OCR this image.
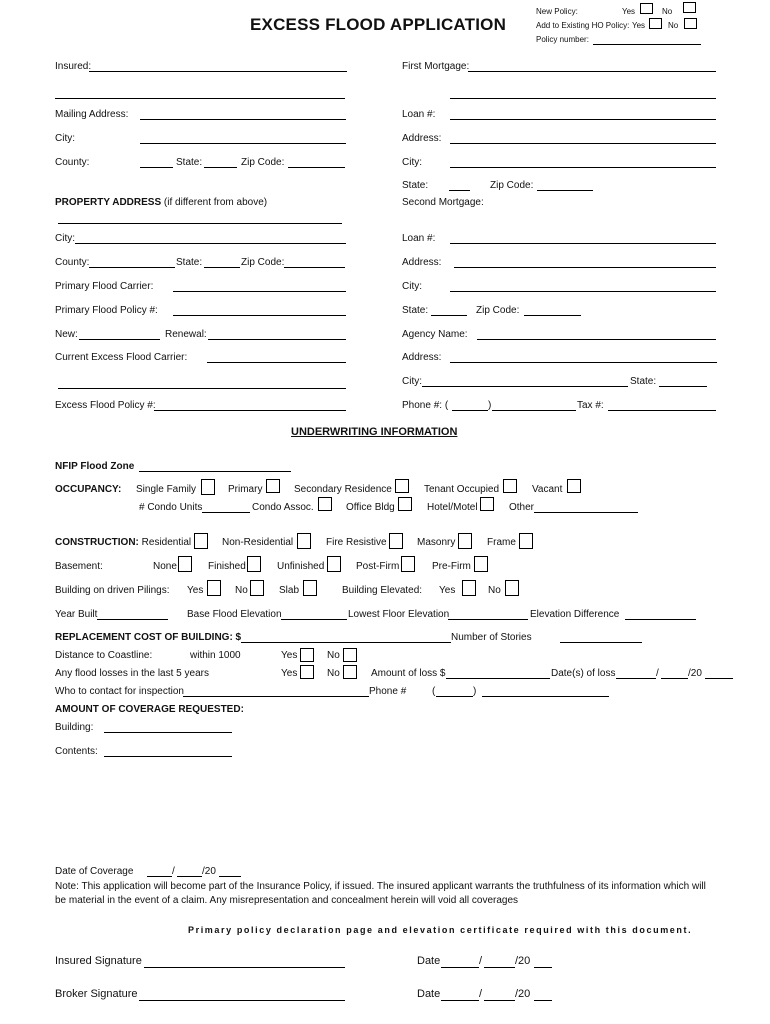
EXCESS FLOOD APPLICATION
New Policy:	Yes	No
Add to Existing HO Policy: Yes	No
Policy number:
Insured:
Mailing Address:
City:
County:	State:	Zip Code:
First Mortgage:
Loan #:
Address:
City:
State:	Zip Code:
Second Mortgage:
PROPERTY ADDRESS (if different from above)
City:
County:	State:	Zip Code:
Primary Flood Carrier:
Primary Flood Policy #:
New:	Renewal:
Current Excess Flood Carrier:
Excess Flood Policy #:
Loan #:
Address:
City:
State:	Zip Code:
Agency Name:
Address:
City:	State:
Phone #: (	)	Tax #:
UNDERWRITING INFORMATION
NFIP Flood Zone
OCCUPANCY: Single Family	Primary	Secondary Residence	Tenant Occupied	Vacant
# Condo Units	Condo Assoc.	Office Bldg	Hotel/Motel	Other
CONSTRUCTION: Residential	Non-Residential	Fire Resistive	Masonry	Frame
Basement:	None	Finished	Unfinished	Post-Firm	Pre-Firm
Building on driven Pilings: Yes	No	Slab	Building Elevated: Yes	No
Year Built	Base Flood Elevation	Lowest Floor Elevation	Elevation Difference
REPLACEMENT COST OF BUILDING: $	Number of Stories
Distance to Coastline:	within 1000	Yes	No
Any flood losses in the last 5 years	Yes	No	Amount of loss $	Date(s) of loss	/	/20
Who to contact for inspection	Phone #	(	)
AMOUNT OF COVERAGE REQUESTED:
Building:
Contents:
Date of Coverage	/	/20
Note: This application will become part of the Insurance Policy, if issued. The insured applicant warrants the truthfulness of its information which will
be material in the event of a claim. Any misrepresentation and concealment herein will void all coverages
Primary policy declaration page and elevation certificate required with this document.
Insured Signature	Date	/	/20
Broker Signature	Date	/	/20
